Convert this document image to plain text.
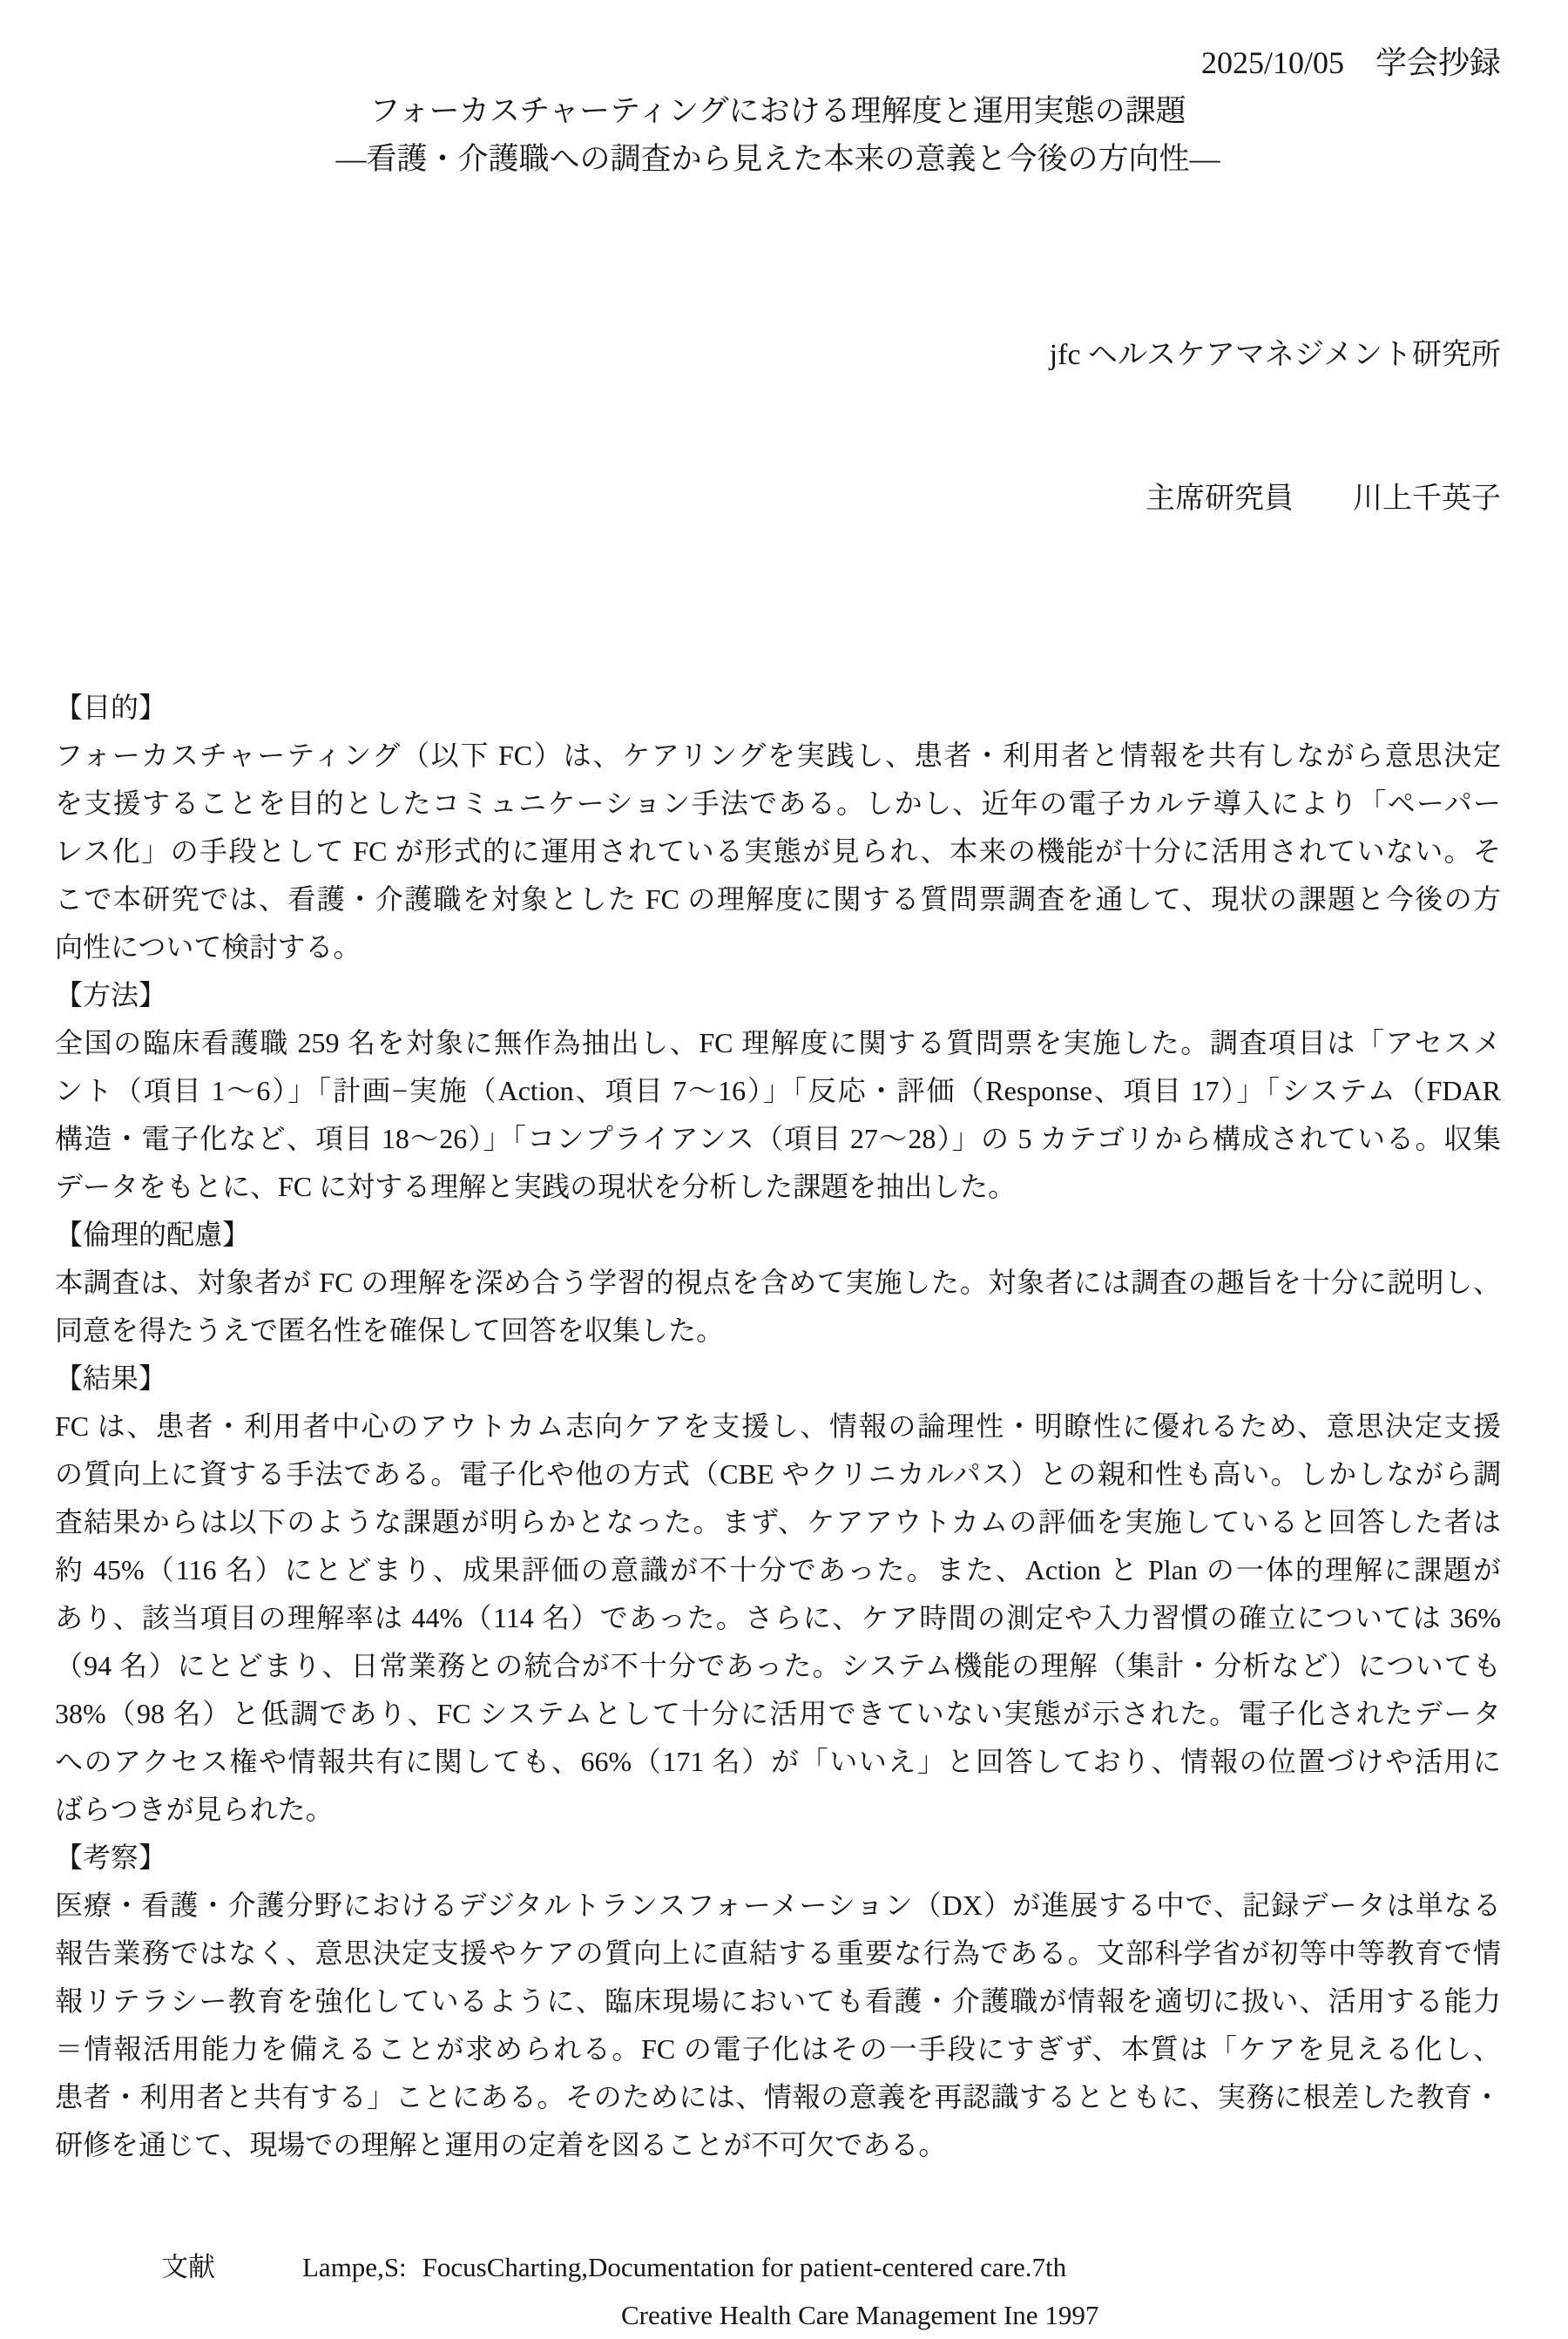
2025/10/05　学会抄録
フォーカスチャーティングにおける理解度と運用実態の課題
―看護・介護職への調査から見えた本来の意義と今後の方向性―

jfc ヘルスケアマネジメント研究所

主席研究員　　川上千英子

【目的】
フォーカスチャーティング（以下 FC）は、ケアリングを実践し、患者・利用者と情報を共有しながら意思決定
を支援することを目的としたコミュニケーション手法である。しかし、近年の電子カルテ導入により「ペーパー
レス化」の手段として FC が形式的に運用されている実態が見られ、本来の機能が十分に活用されていない。そ
こで本研究では、看護・介護職を対象とした FC の理解度に関する質問票調査を通して、現状の課題と今後の方
向性について検討する。
【方法】
全国の臨床看護職 259 名を対象に無作為抽出し、FC 理解度に関する質問票を実施した。調査項目は「アセスメ
ント（項目 1〜6）」「計画−実施（Action、項目 7〜16）」「反応・評価（Response、項目 17）」「システム（FDAR
構造・電子化など、項目 18〜26）」「コンプライアンス（項目 27〜28）」の 5 カテゴリから構成されている。収集
データをもとに、FC に対する理解と実践の現状を分析した課題を抽出した。
【倫理的配慮】
本調査は、対象者が FC の理解を深め合う学習的視点を含めて実施した。対象者には調査の趣旨を十分に説明し、
同意を得たうえで匿名性を確保して回答を収集した。
【結果】
FC は、患者・利用者中心のアウトカム志向ケアを支援し、情報の論理性・明瞭性に優れるため、意思決定支援
の質向上に資する手法である。電子化や他の方式（CBE やクリニカルパス）との親和性も高い。しかしながら調
査結果からは以下のような課題が明らかとなった。まず、ケアアウトカムの評価を実施していると回答した者は
約 45%（116 名）にとどまり、成果評価の意識が不十分であった。また、Action と Plan の一体的理解に課題が
あり、該当項目の理解率は 44%（114 名）であった。さらに、ケア時間の測定や入力習慣の確立については 36%
（94 名）にとどまり、日常業務との統合が不十分であった。システム機能の理解（集計・分析など）についても
38%（98 名）と低調であり、FC システムとして十分に活用できていない実態が示された。電子化されたデータ
へのアクセス権や情報共有に関しても、66%（171 名）が「いいえ」と回答しており、情報の位置づけや活用に
ばらつきが見られた。
【考察】
医療・看護・介護分野におけるデジタルトランスフォーメーション（DX）が進展する中で、記録データは単なる
報告業務ではなく、意思決定支援やケアの質向上に直結する重要な行為である。文部科学省が初等中等教育で情
報リテラシー教育を強化しているように、臨床現場においても看護・介護職が情報を適切に扱い、活用する能力
＝情報活用能力を備えることが求められる。FC の電子化はその一手段にすぎず、本質は「ケアを見える化し、
患者・利用者と共有する」ことにある。そのためには、情報の意義を再認識するとともに、実務に根差した教育・
研修を通じて、現場での理解と運用の定着を図ることが不可欠である。
文献	Lampe,S: FocusCharting,Documentation for patient-centered care.7th
Creative Health Care Management Ine 1997
